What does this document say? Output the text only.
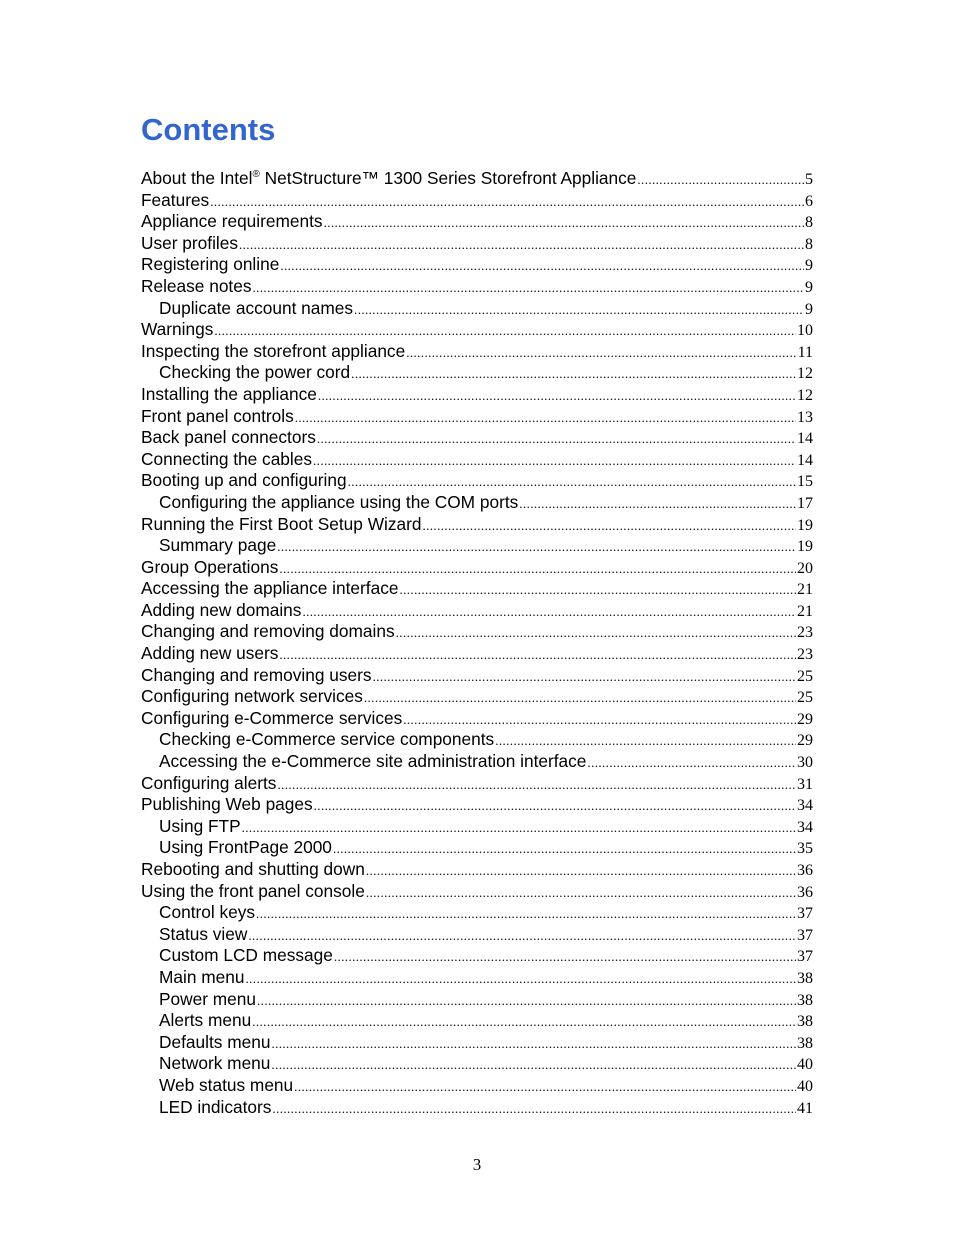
Contents
About the Intel® NetStructure™ 1300 Series Storefront Appliance .....	5
Features .....	6
Appliance requirements .....	8
User profiles .....	8
Registering online .....	9
Release notes .....	9
Duplicate account names .....	9
Warnings .....	10
Inspecting the storefront appliance .....	11
Checking the power cord .....	12
Installing the appliance .....	12
Front panel controls .....	13
Back panel connectors .....	14
Connecting the cables .....	14
Booting up and configuring .....	15
Configuring the appliance using the COM ports .....	17
Running the First Boot Setup Wizard .....	19
Summary page .....	19
Group Operations .....	20
Accessing the appliance interface .....	21
Adding new domains .....	21
Changing and removing domains .....	23
Adding new users .....	23
Changing and removing users .....	25
Configuring network services .....	25
Configuring e-Commerce services .....	29
Checking e-Commerce service components .....	29
Accessing the e-Commerce site administration interface .....	30
Configuring alerts .....	31
Publishing Web pages .....	34
Using FTP .....	34
Using FrontPage 2000 .....	35
Rebooting and shutting down .....	36
Using the front panel console .....	36
Control keys .....	37
Status view .....	37
Custom LCD message .....	37
Main menu .....	38
Power menu .....	38
Alerts menu .....	38
Defaults menu .....	38
Network menu .....	40
Web status menu .....	40
LED indicators .....	41
3
